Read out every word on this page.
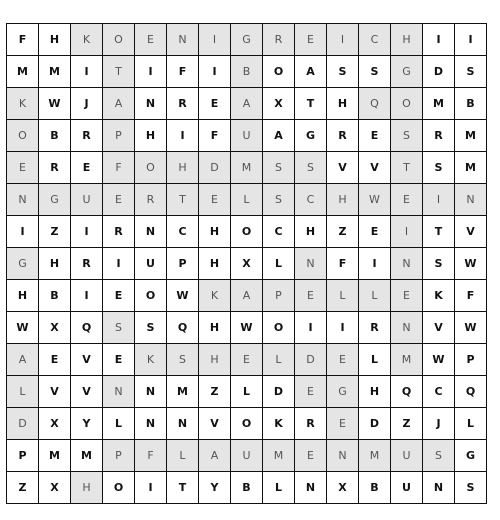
F	H	K	O	E	N	I	G	R	E	I	C	H	I	I
M	M	I	T	I	F	I	B	O	A	S	S	G	D	S
K	W	J	A	N	R	E	A	X	T	H	Q	O	M	B
O	B	R	P	H	I	F	U	A	G	R	E	S	R	M
E	R	E	F	O	H	D	M	S	S	V	V	T	S	M
N	G	U	E	R	T	E	L	S	C	H	W	E	I	N
I	Z	I	R	N	C	H	O	C	H	Z	E	I	T	V
G	H	R	I	U	P	H	X	L	N	F	I	N	S	W
H	B	I	E	O	W	K	A	P	E	L	L	E	K	F
W	X	Q	S	S	Q	H	W	O	I	I	R	N	V	W
A	E	V	E	K	S	H	E	L	D	E	L	M	W	P
L	V	V	N	N	M	Z	L	D	E	G	H	Q	C	Q
D	X	Y	L	N	N	V	O	K	R	E	D	Z	J	L
P	M	M	P	F	L	A	U	M	E	N	M	U	S	G
Z	X	H	O	I	T	Y	B	L	N	X	B	U	N	S
